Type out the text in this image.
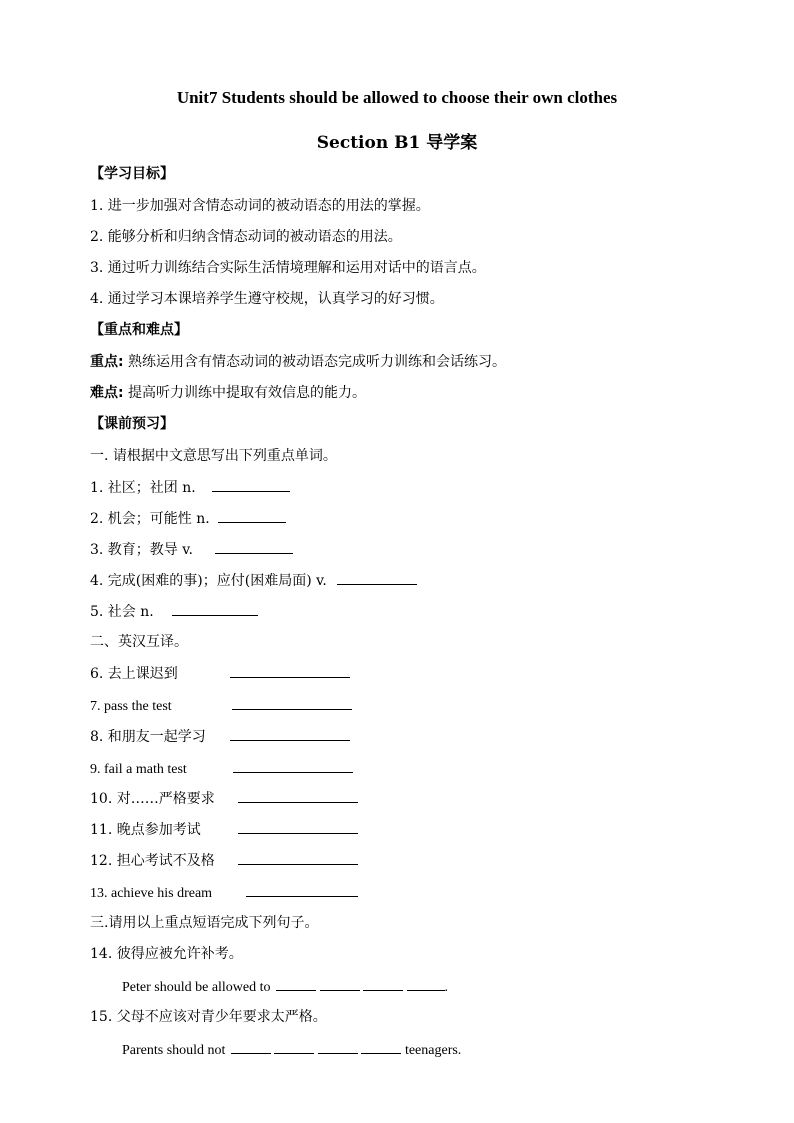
Unit7 Students should be allowed to choose their own clothes
Section B1 导学案
【学习目标】
1. 进一步加强对含情态动词的被动语态的用法的掌握。
2. 能够分析和归纳含情态动词的被动语态的用法。
3. 通过听力训练结合实际生活情境理解和运用对话中的语言点。
4. 通过学习本课培养学生遵守校规，认真学习的好习惯。
【重点和难点】
重点: 熟练运用含有情态动词的被动语态完成听力训练和会话练习。
难点: 提高听力训练中提取有效信息的能力。
【课前预习】
一. 请根据中文意思写出下列重点单词。
1. 社区；社团 n.
2. 机会；可能性 n.
3. 教育；教导 v.
4. 完成(困难的事)；应付(困难局面) v.
5. 社会 n.
二、英汉互译。
6. 去上课迟到
7. pass the test
8. 和朋友一起学习
9. fail a math test
10. 对……严格要求
11. 晚点参加考试
12. 担心考试不及格
13. achieve his dream
三.请用以上重点短语完成下列句子。
14. 彼得应被允许补考。
Peter should be allowed to	.
15. 父母不应该对青少年要求太严格。
Parents should not	teenagers.
